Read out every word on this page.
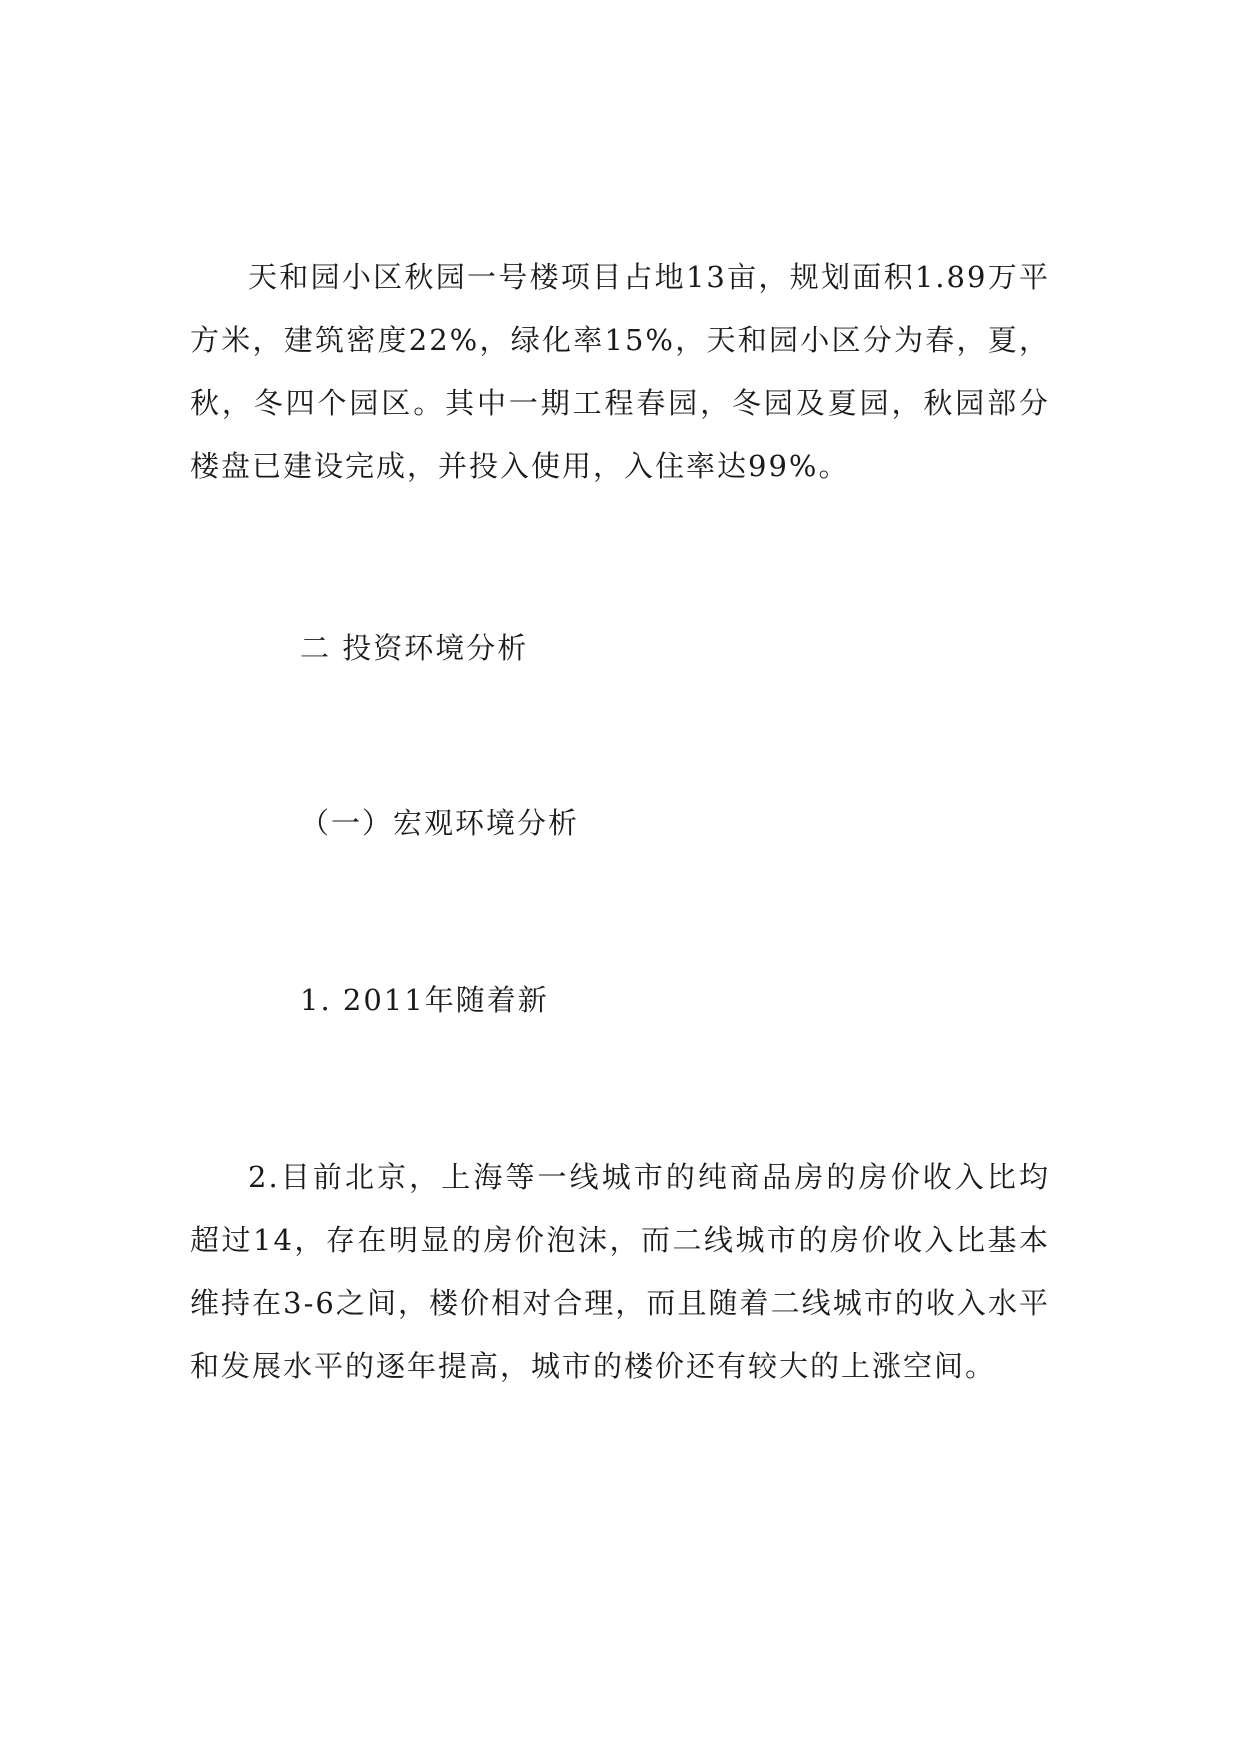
天和园小区秋园一号楼项目占地13亩，规划面积1.89万平方米，建筑密度22%，绿化率15%，天和园小区分为春，夏，秋，冬四个园区。其中一期工程春园，冬园及夏园，秋园部分楼盘已建设完成，并投入使用，入住率达99%。

二 投资环境分析
（一）宏观环境分析

1. 2011年随着新

2.目前北京，上海等一线城市的纯商品房的房价收入比均超过14，存在明显的房价泡沫，而二线城市的房价收入比基本维持在3-6之间，楼价相对合理，而且随着二线城市的收入水平和发展水平的逐年提高，城市的楼价还有较大的上涨空间。
